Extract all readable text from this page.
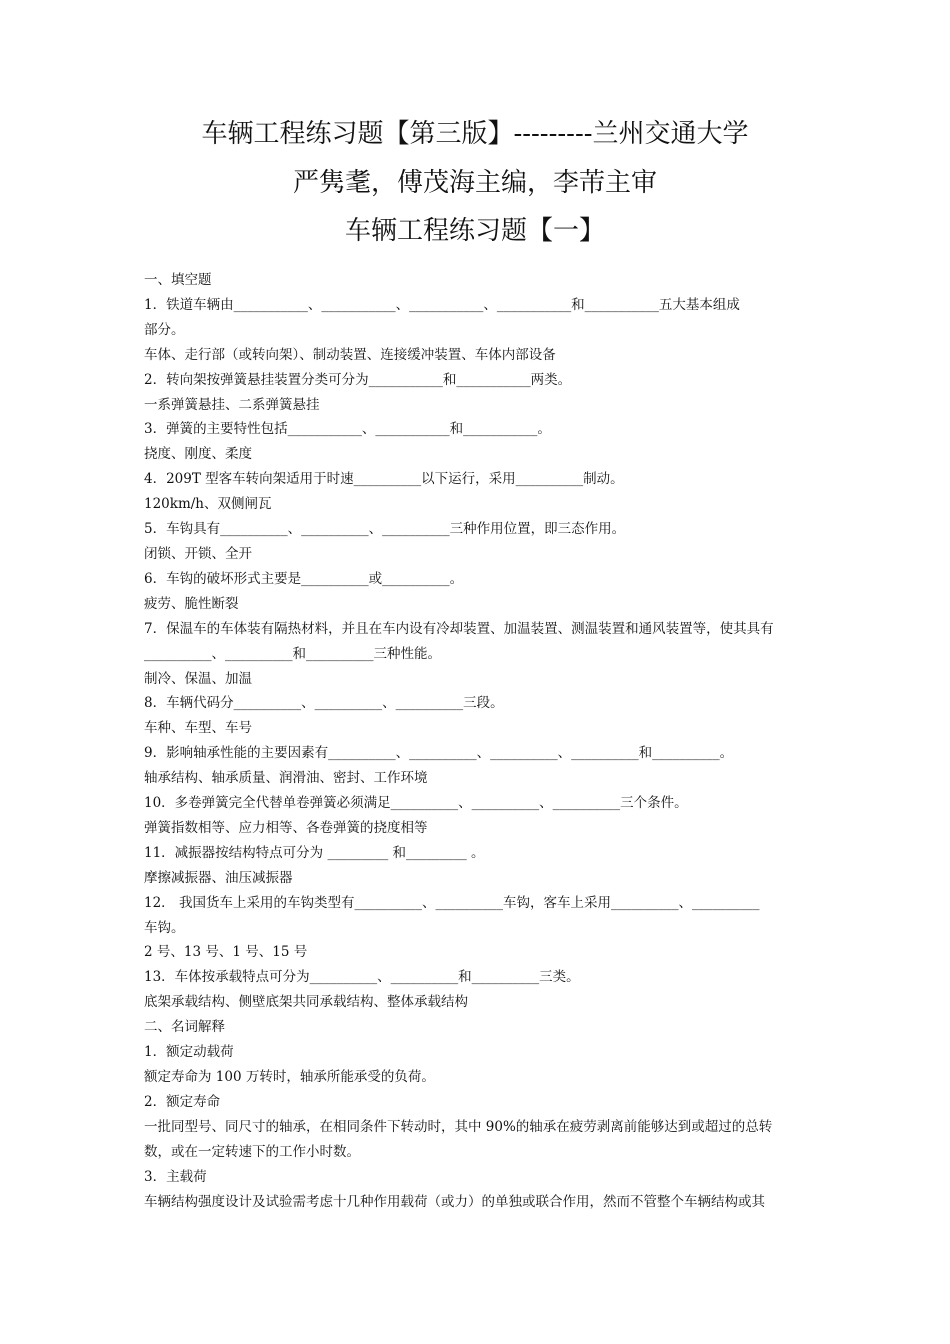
车辆工程练习题【第三版】---------兰州交通大学
严隽耄，傅茂海主编，李芾主审
车辆工程练习题【一】
一、填空题
1．铁道车辆由___________、___________、___________、___________和___________五大基本组成
部分。
车体、走行部（或转向架）、制动装置、连接缓冲装置、车体内部设备
2．转向架按弹簧悬挂装置分类可分为___________和___________两类。
一系弹簧悬挂、二系弹簧悬挂
3．弹簧的主要特性包括___________、___________和___________。
挠度、刚度、柔度
4．209T 型客车转向架适用于时速__________以下运行，采用__________制动。
120km/h、双侧闸瓦
5．车钩具有__________、__________、__________三种作用位置，即三态作用。
闭锁、开锁、全开
6．车钩的破坏形式主要是__________或__________。
疲劳、脆性断裂
7．保温车的车体装有隔热材料，并且在车内设有冷却装置、加温装置、测温装置和通风装置等，使其具有
__________、__________和__________三种性能。
制冷、保温、加温
8．车辆代码分__________、__________、__________三段。
车种、车型、车号
9．影响轴承性能的主要因素有__________、__________、__________、__________和__________。
轴承结构、轴承质量、润滑油、密封、工作环境
10．多卷弹簧完全代替单卷弹簧必须满足__________、__________、__________三个条件。
弹簧指数相等、应力相等、各卷弹簧的挠度相等
11．减振器按结构特点可分为 _________ 和_________ 。
摩擦减振器、油压减振器
12． 我国货车上采用的车钩类型有__________、__________车钩，客车上采用__________、__________
车钩。
2 号、13 号、1 号、15 号
13．车体按承载特点可分为__________、__________和__________三类。
底架承载结构、侧壁底架共同承载结构、整体承载结构
二、名词解释
1．额定动载荷
额定寿命为 100 万转时，轴承所能承受的负荷。
2．额定寿命
一批同型号、同尺寸的轴承，在相同条件下转动时，其中 90%的轴承在疲劳剥离前能够达到或超过的总转
数，或在一定转速下的工作小时数。
3．主载荷
车辆结构强度设计及试验需考虑十几种作用载荷（或力）的单独或联合作用，然而不管整个车辆结构或其
